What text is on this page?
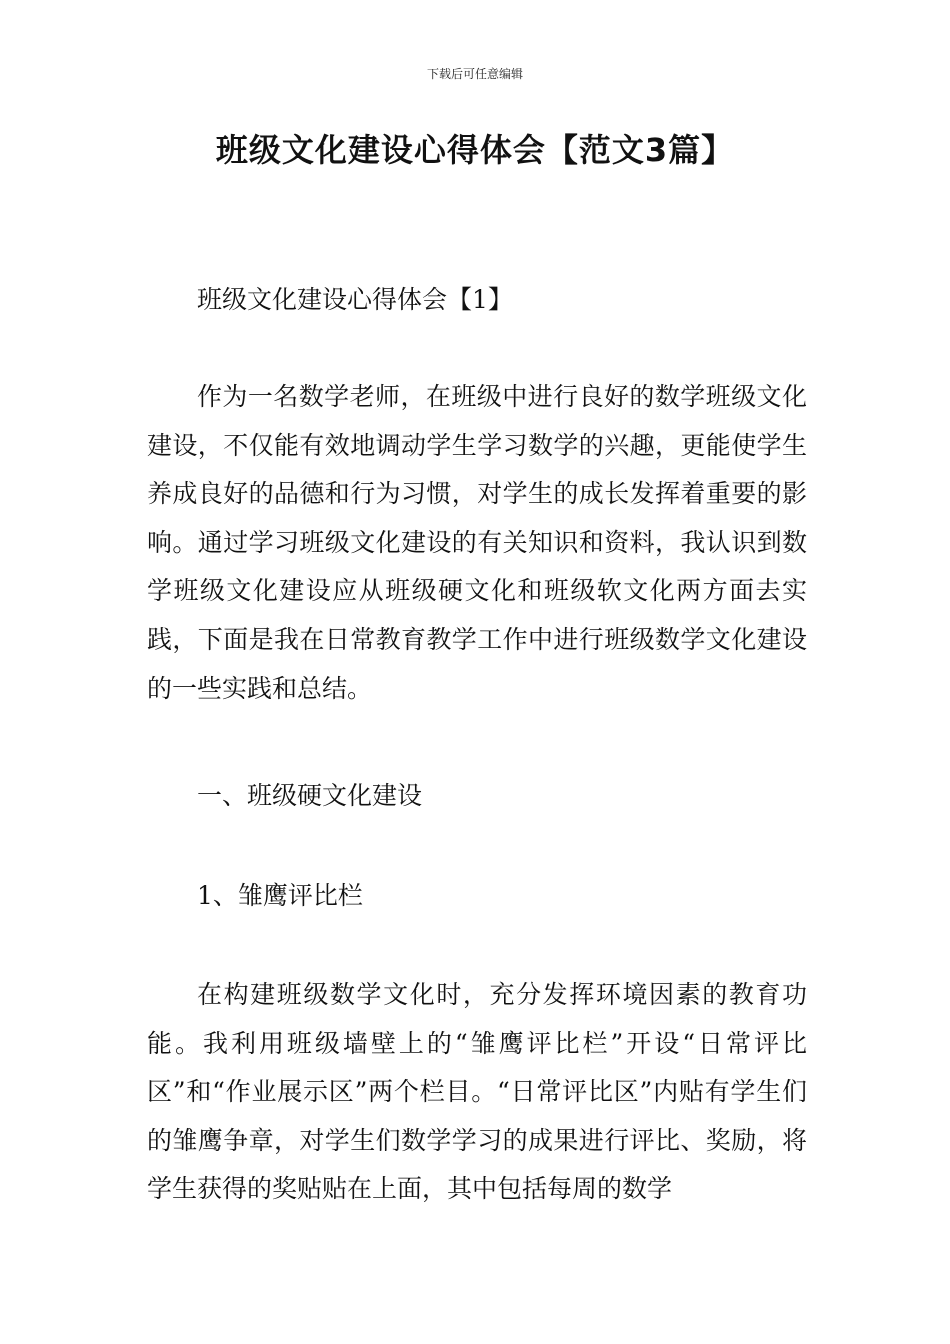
下载后可任意编辑
班级文化建设心得体会【范文3篇】
班级文化建设心得体会【1】

作为一名数学老师，在班级中进行良好的数学班级文化建设，不仅能有效地调动学生学习数学的兴趣，更能使学生养成良好的品德和行为习惯，对学生的成长发挥着重要的影响。通过学习班级文化建设的有关知识和资料，我认识到数学班级文化建设应从班级硬文化和班级软文化两方面去实践，下面是我在日常教育教学工作中进行班级数学文化建设的一些实践和总结。

一、班级硬文化建设
1、雏鹰评比栏

在构建班级数学文化时，充分发挥环境因素的教育功能。我利用班级墙壁上的“雏鹰评比栏”开设“日常评比区”和“作业展示区”两个栏目。“日常评比区”内贴有学生们的雏鹰争章，对学生们数学学习的成果进行评比、奖励，将学生获得的奖贴贴在上面，其中包括每周的数学
